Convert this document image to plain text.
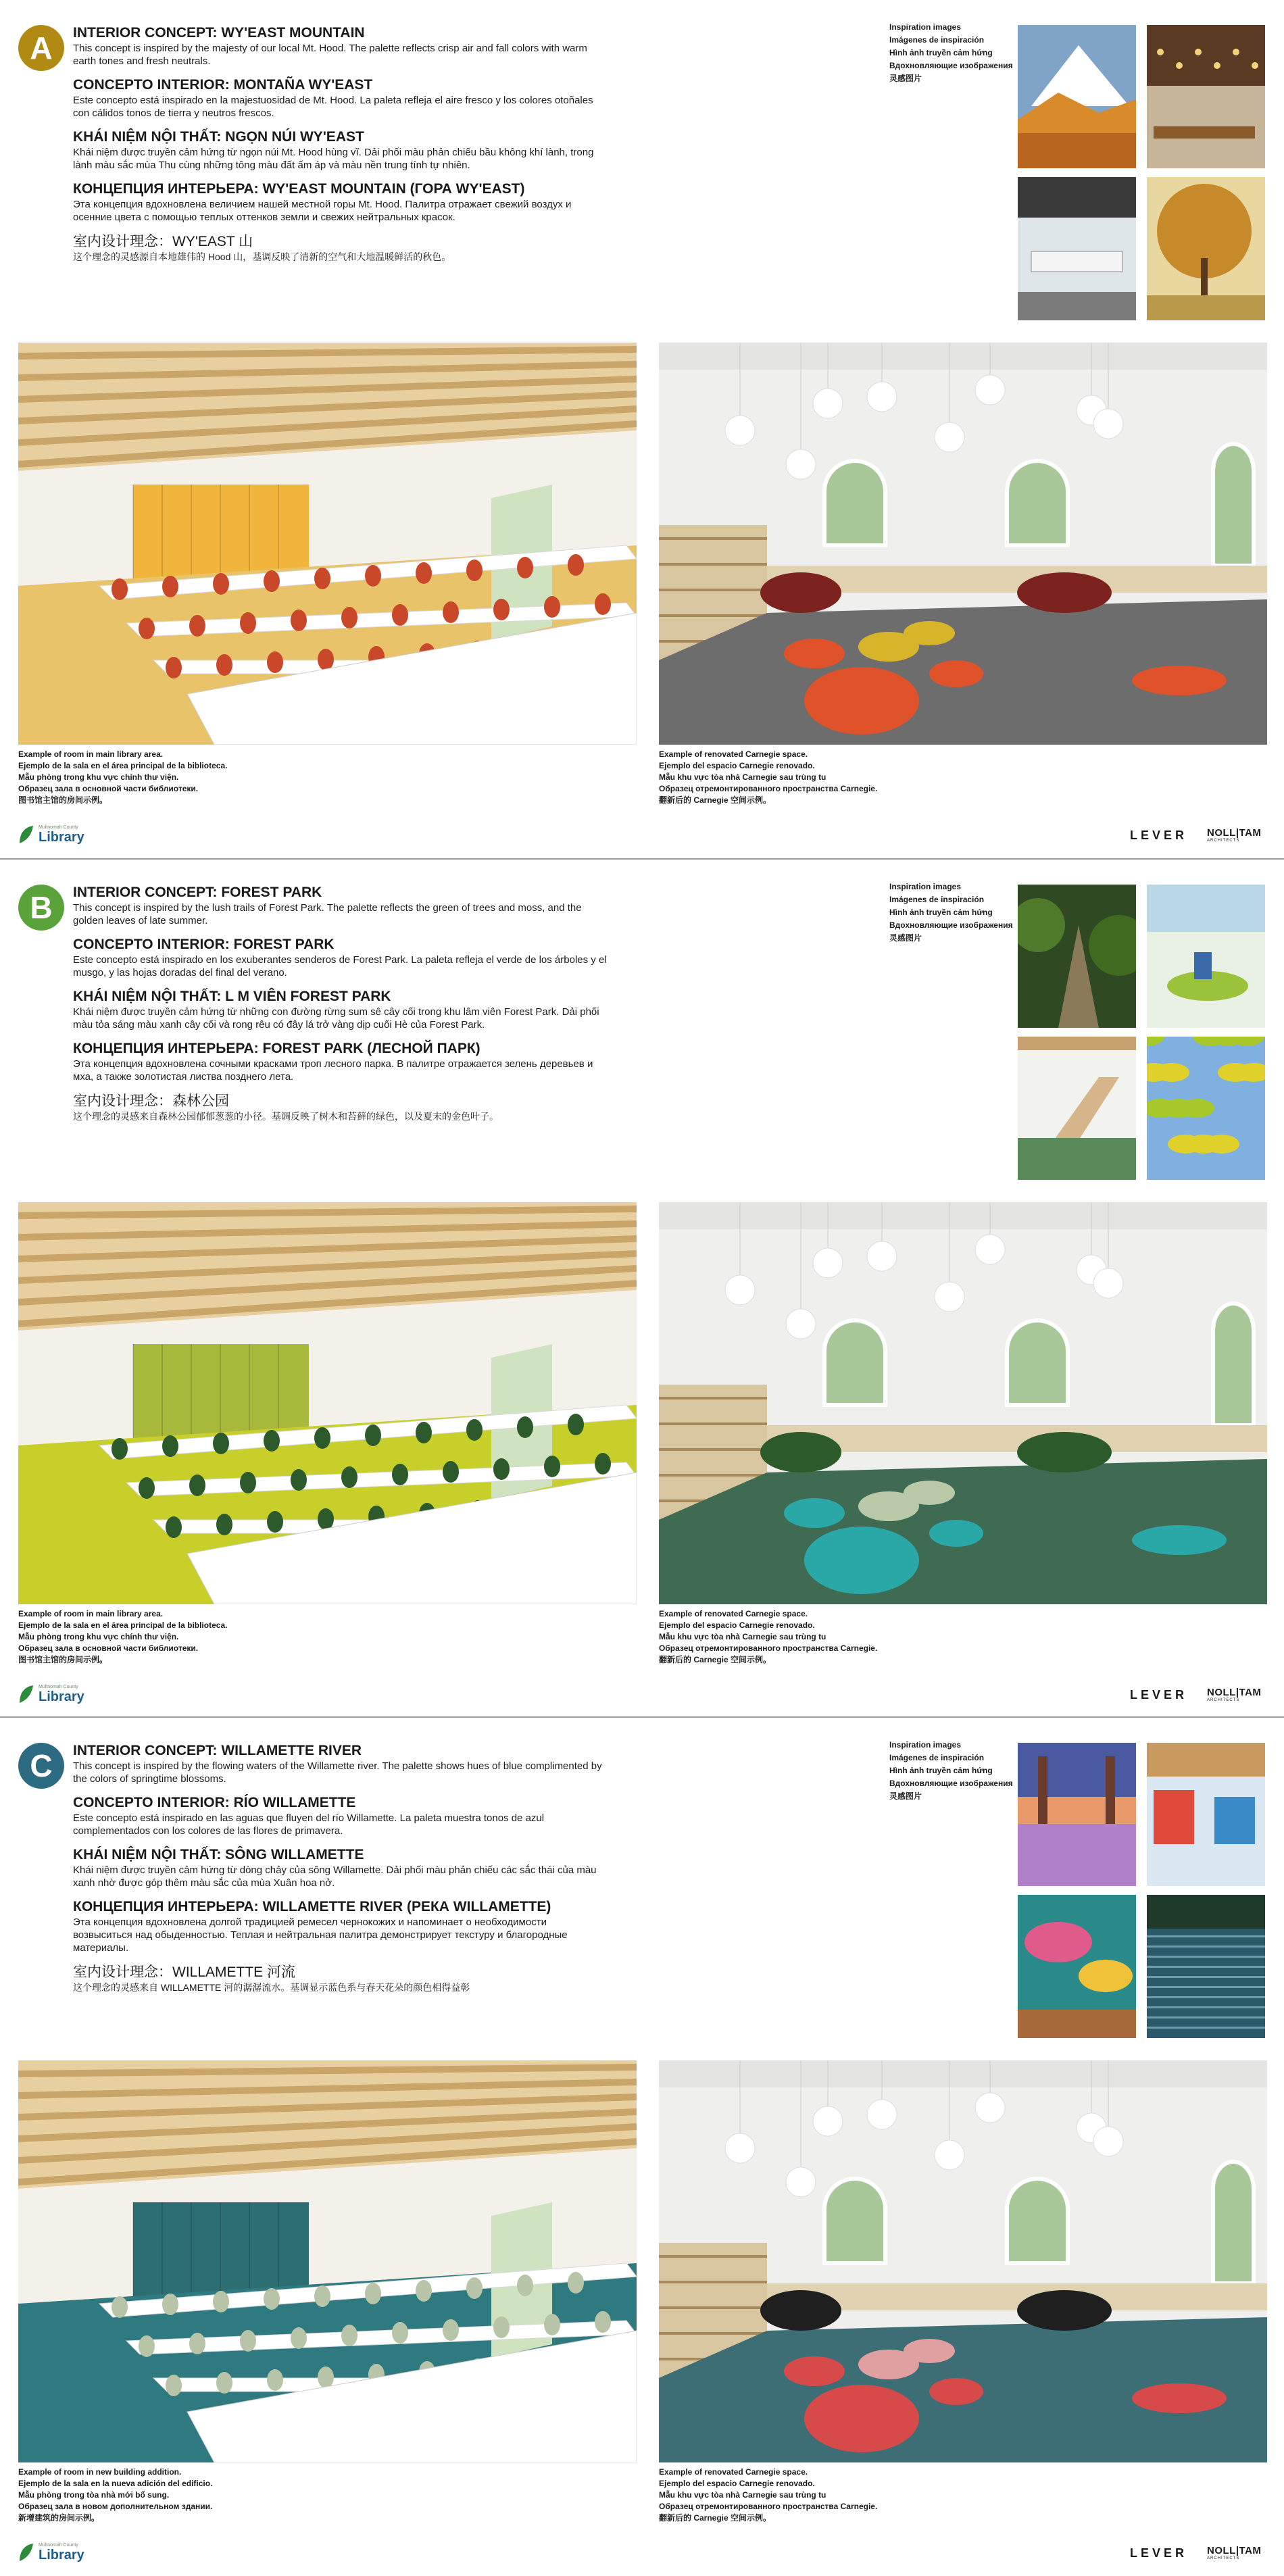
A	INTERIOR CONCEPT: WY'EAST MOUNTAIN
This concept is inspired by the majesty of our local Mt. Hood. The palette reflects crisp air and fall colors with warm earth tones and fresh neutrals.
CONCEPTO INTERIOR: MONTAÑA WY'EAST
Este concepto está inspirado en la majestuosidad de Mt. Hood. La paleta refleja el aire fresco y los colores otoñales con cálidos tonos de tierra y neutros frescos.
KHÁI NIỆM NỘI THẤT: NGỌN NÚI WY'EAST
Khái niệm được truyền cảm hứng từ ngọn núi Mt. Hood hùng vĩ. Dải phối màu phản chiếu bầu không khí lành, trong lành màu sắc mùa Thu cùng những tông màu đất ấm áp và màu nền trung tính tự nhiên.
КОНЦЕПЦИЯ ИНТЕРЬЕРА: WY'EAST MOUNTAIN (ГОРА WY'EAST)
Эта концепция вдохновлена величием нашей местной горы Mt. Hood. Палитра отражает свежий воздух и осенние цвета с помощью теплых оттенков земли и свежих нейтральных красок.
室内设计理念：WY'EAST 山
这个理念的灵感源自本地雄伟的 Hood 山，基调反映了清新的空气和大地温暖鲜活的秋色。
Inspiration images
Imágenes de inspiración
Hình ảnh truyền cảm hứng
Вдохновляющие изображения
灵感图片
Example of room in main library area.
Ejemplo de la sala en el área principal de la biblioteca.
Mẫu phòng trong khu vực chính thư viện.
Образец зала в основной части библиотеки.
图书馆主馆的房间示例。
Example of renovated Carnegie space.
Ejemplo del espacio Carnegie renovado.
Mẫu khu vực tòa nhà Carnegie sau trùng tu
Образец отремонтированного пространства Carnegie.
翻新后的 Carnegie 空间示例。
Multnomah County
Library	LEVER NOLL|TAM
ARCHITECTS
B	INTERIOR CONCEPT: FOREST PARK
This concept is inspired by the lush trails of Forest Park. The palette reflects the green of trees and moss, and the golden leaves of late summer.
CONCEPTO INTERIOR: FOREST PARK
Este concepto está inspirado en los exuberantes senderos de Forest Park. La paleta refleja el verde de los árboles y el musgo, y las hojas doradas del final del verano.
KHÁI NIỆM NỘI THẤT: L M VIÊN FOREST PARK
Khái niệm được truyền cảm hứng từ những con đường rừng sum sê cây cối trong khu lâm viên Forest Park. Dải phối màu tỏa sáng màu xanh cây cối và rong rêu có đây lá trở vàng dịp cuối Hè của Forest Park.
КОНЦЕПЦИЯ ИНТЕРЬЕРА: FOREST PARK (ЛЕСНОЙ ПАРК)
Эта концепция вдохновлена сочными красками троп лесного парка. В палитре отражается зелень деревьев и мха, а также золотистая листва позднего лета.
室内设计理念：森林公园
这个理念的灵感来自森林公园郁郁葱葱的小径。基调反映了树木和苔藓的绿色，以及夏末的金色叶子。
Inspiration images
Imágenes de inspiración
Hình ảnh truyền cảm hứng
Вдохновляющие изображения
灵感图片
Example of room in main library area.
Ejemplo de la sala en el área principal de la biblioteca.
Mẫu phòng trong khu vực chính thư viện.
Образец зала в основной части библиотеки.
图书馆主馆的房间示例。
Example of renovated Carnegie space.
Ejemplo del espacio Carnegie renovado.
Mẫu khu vực tòa nhà Carnegie sau trùng tu
Образец отремонтированного пространства Carnegie.
翻新后的 Carnegie 空间示例。
Multnomah County
Library	LEVER NOLL|TAM
ARCHITECTS
C	INTERIOR CONCEPT: WILLAMETTE RIVER
This concept is inspired by the flowing waters of the Willamette river. The palette shows hues of blue complimented by the colors of springtime blossoms.
CONCEPTO INTERIOR: RÍO WILLAMETTE
Este concepto está inspirado en las aguas que fluyen del río Willamette. La paleta muestra tonos de azul complementados con los colores de las flores de primavera.
KHÁI NIỆM NỘI THẤT: SÔNG WILLAMETTE
Khái niệm được truyền cảm hứng từ dòng chảy của sông Willamette. Dải phối màu phản chiếu các sắc thái của màu xanh nhờ được góp thêm màu sắc của mùa Xuân hoa nở.
КОНЦЕПЦИЯ ИНТЕРЬЕРА: WILLAMETTE RIVER (РЕКА WILLAMETTE)
Эта концепция вдохновлена долгой традицией ремесел чернокожих и напоминает о необходимости возвыситься над обыденностью. Теплая и нейтральная палитра демонстрирует текстуру и благородные материалы.
室内设计理念：WILLAMETTE 河流
这个理念的灵感来自 WILLAMETTE 河的潺潺流水。基调显示蓝色系与春天花朵的颜色相得益彰
Inspiration images
Imágenes de inspiración
Hình ảnh truyền cảm hứng
Вдохновляющие изображения
灵感图片
Example of room in new building addition.
Ejemplo de la sala en la nueva adición del edificio.
Mẫu phòng trong tòa nhà mới bổ sung.
Образец зала в новом дополнительном здании.
新增建筑的房间示例。
Example of renovated Carnegie space.
Ejemplo del espacio Carnegie renovado.
Mẫu khu vực tòa nhà Carnegie sau trùng tu
Образец отремонтированного пространства Carnegie.
翻新后的 Carnegie 空间示例。
Multnomah County
Library	LEVER NOLL|TAM
ARCHITECTS
